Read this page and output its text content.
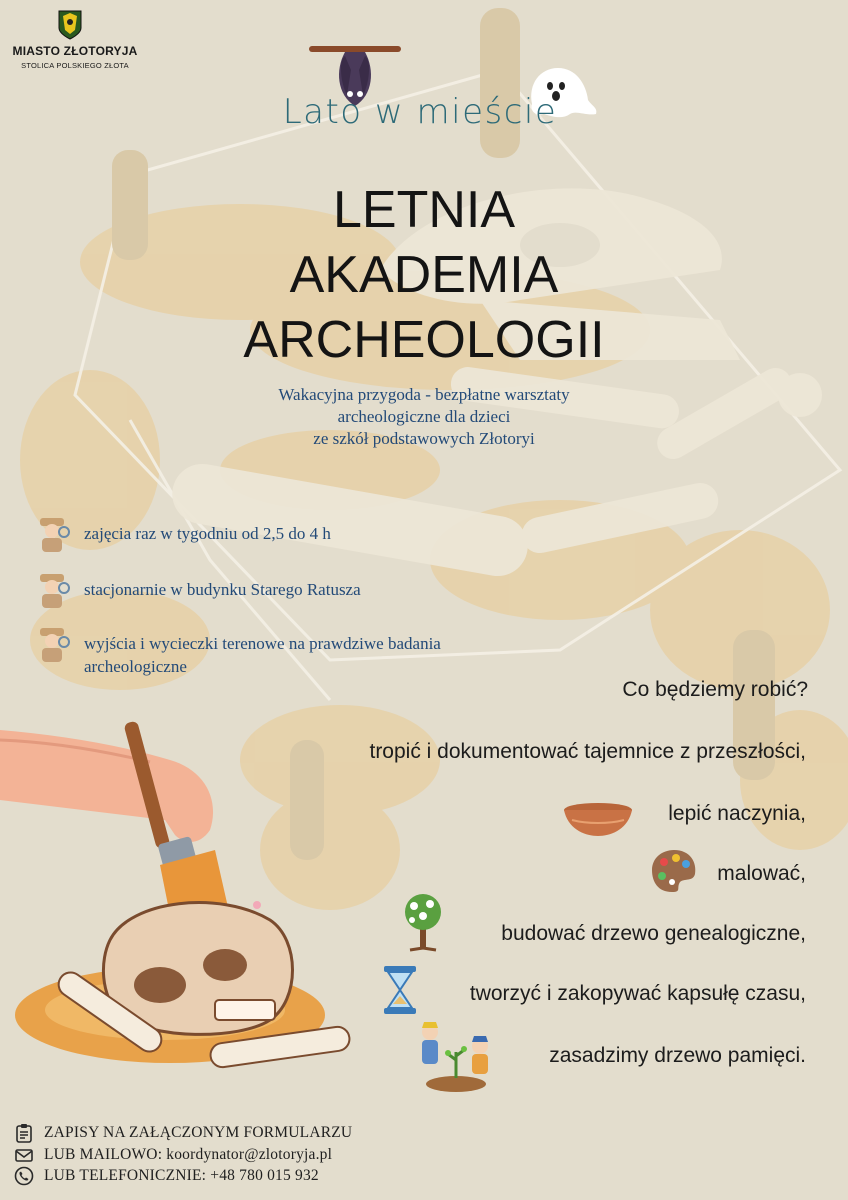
MIASTO ZŁOTORYJA
STOLICA POLSKIEGO ZŁOTA
Lato w mieście
LETNIA
AKADEMIA
ARCHEOLOGII
Wakacyjna przygoda - bezpłatne warsztaty
archeologiczne dla dzieci
ze szkół podstawowych Złotoryi
zajęcia raz w tygodniu od 2,5 do 4 h
stacjonarnie w budynku Starego Ratusza
wyjścia i wycieczki terenowe na prawdziwe badania
archeologiczne
Co będziemy robić?
tropić i dokumentować tajemnice z przeszłości,
lepić naczynia,
malować,
budować drzewo genealogiczne,
tworzyć i zakopywać kapsułę czasu,
zasadzimy drzewo pamięci.
ZAPISY NA ZAŁĄCZONYM FORMULARZU
LUB MAILOWO: koordynator@zlotoryja.pl
LUB TELEFONICZNIE: +48 780 015 932
